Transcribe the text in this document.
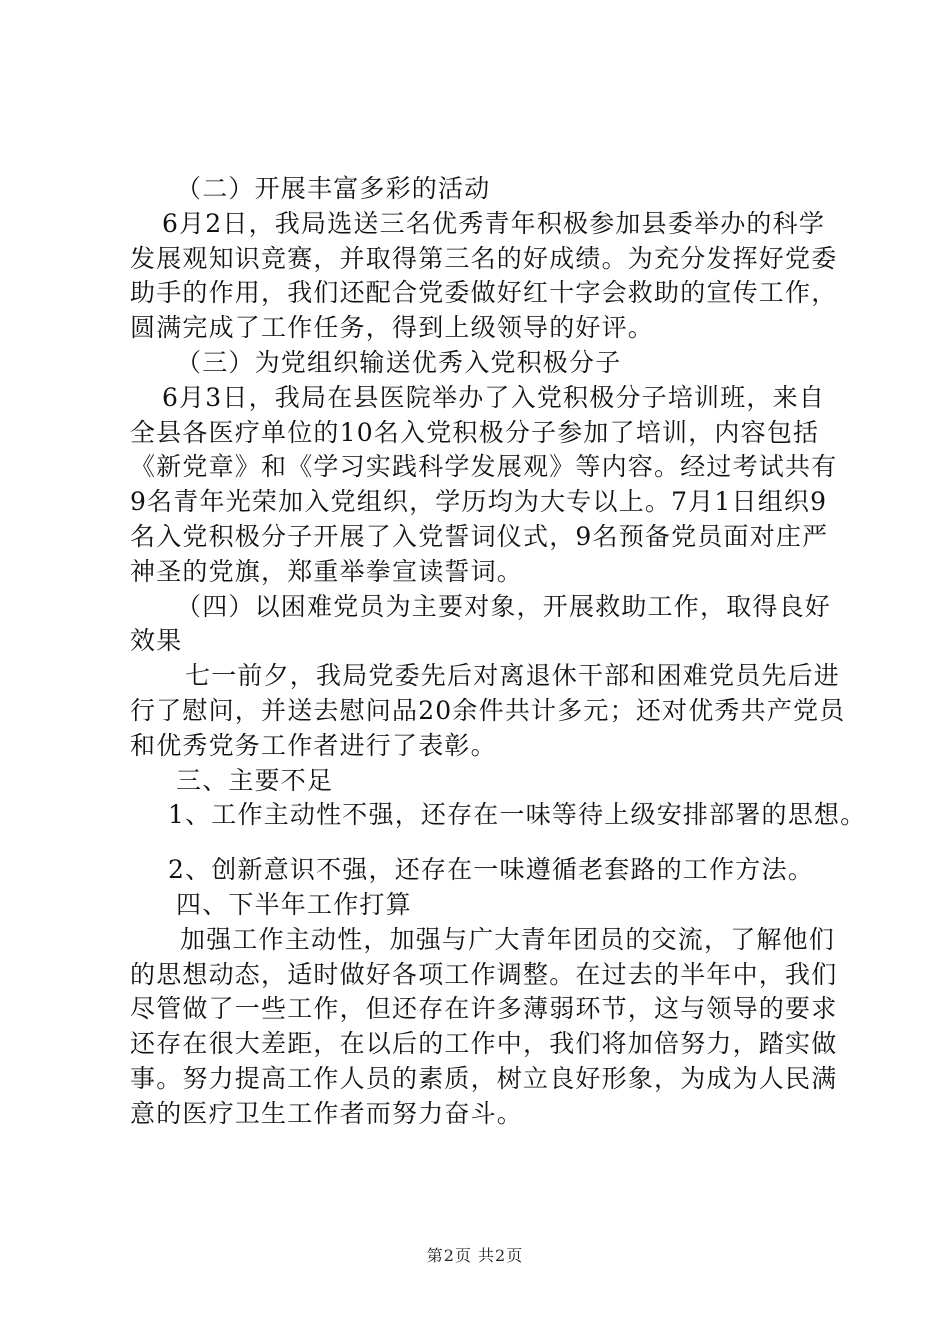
（二）开展丰富多彩的活动
6月2日，我局选送三名优秀青年积极参加县委举办的科学
发展观知识竞赛，并取得第三名的好成绩。为充分发挥好党委
助手的作用，我们还配合党委做好红十字会救助的宣传工作，
圆满完成了工作任务，得到上级领导的好评。
（三）为党组织输送优秀入党积极分子
6月3日，我局在县医院举办了入党积极分子培训班，来自
全县各医疗单位的10名入党积极分子参加了培训，内容包括
《新党章》和《学习实践科学发展观》等内容。经过考试共有
9名青年光荣加入党组织，学历均为大专以上。7月1日组织9
名入党积极分子开展了入党誓词仪式，9名预备党员面对庄严
神圣的党旗，郑重举拳宣读誓词。
（四）以困难党员为主要对象，开展救助工作，取得良好
效果
七一前夕，我局党委先后对离退休干部和困难党员先后进
行了慰问，并送去慰问品20余件共计多元；还对优秀共产党员
和优秀党务工作者进行了表彰。
三、主要不足
1、工作主动性不强，还存在一味等待上级安排部署的思想。
2、创新意识不强，还存在一味遵循老套路的工作方法。
四、下半年工作打算
加强工作主动性，加强与广大青年团员的交流，了解他们
的思想动态，适时做好各项工作调整。在过去的半年中，我们
尽管做了一些工作，但还存在许多薄弱环节，这与领导的要求
还存在很大差距，在以后的工作中，我们将加倍努力，踏实做
事。努力提高工作人员的素质，树立良好形象，为成为人民满
意的医疗卫生工作者而努力奋斗。
第2页 共2页
